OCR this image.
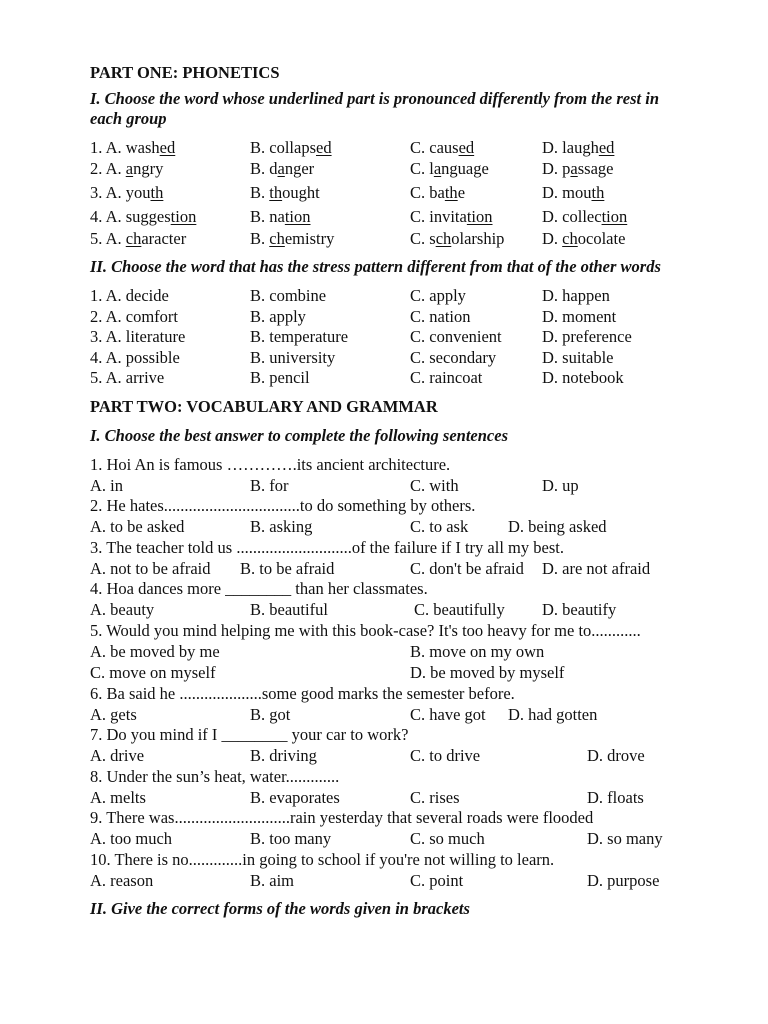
PART ONE: PHONETICS
I. Choose the word whose underlined part is pronounced differently from the rest in
each group
1. A. washed	B. collapsed	C. caused	D. laughed
2. A. angry	B. danger	C. language	D. passage
3. A. youth	B. thought	C. bathe	D. mouth
4. A. suggestion	B. nation	C. invitation	D. collection
5. A. character	B. chemistry	C. scholarship D. chocolate
II. Choose the word that has the stress pattern different from that of the other words
1. A. decide	B. combine	C. apply	D. happen
2. A. comfort	B. apply	C. nation	D. moment
3. A. literature	B. temperature	C. convenient D. preference
4. A. possible	B. university	C. secondary	D. suitable
5. A. arrive	B. pencil	C. raincoat	D. notebook
PART TWO: VOCABULARY AND GRAMMAR
I. Choose the best answer to complete the following sentences
1. Hoi An is famous ………….its ancient architecture.
A. in	B. for	C. with	D. up
2. He hates.................................to do something by others.
A. to be asked	B. asking	C. to ask D. being asked
3. The teacher told us ............................of the failure if I try all my best.
A. not to be afraid B. to be afraid	C. don't be afraid D. are not afraid
4. Hoa dances more ________ than her classmates.
A. beauty	B. beautiful	C. beautifully D. beautify
5. Would you mind helping me with this book-case? It's too heavy for me to............
A. be moved by me	B. move on my own
C. move on myself	D. be moved by myself
6. Ba said he ....................some good marks the semester before.
A. gets	B. got	C. have got D. had gotten
7. Do you mind if I ________ your car to work?
A. drive	B. driving	C. to drive	D. drove
8. Under the sun’s heat, water.............
A. melts	B. evaporates	C. rises	D. floats
9. There was............................rain yesterday that several roads were flooded
A. too much	B. too many	C. so much	D. so many
10. There is no.............in going to school if you're not willing to learn.
A. reason	B. aim	C. point	D. purpose
II. Give the correct forms of the words given in brackets
